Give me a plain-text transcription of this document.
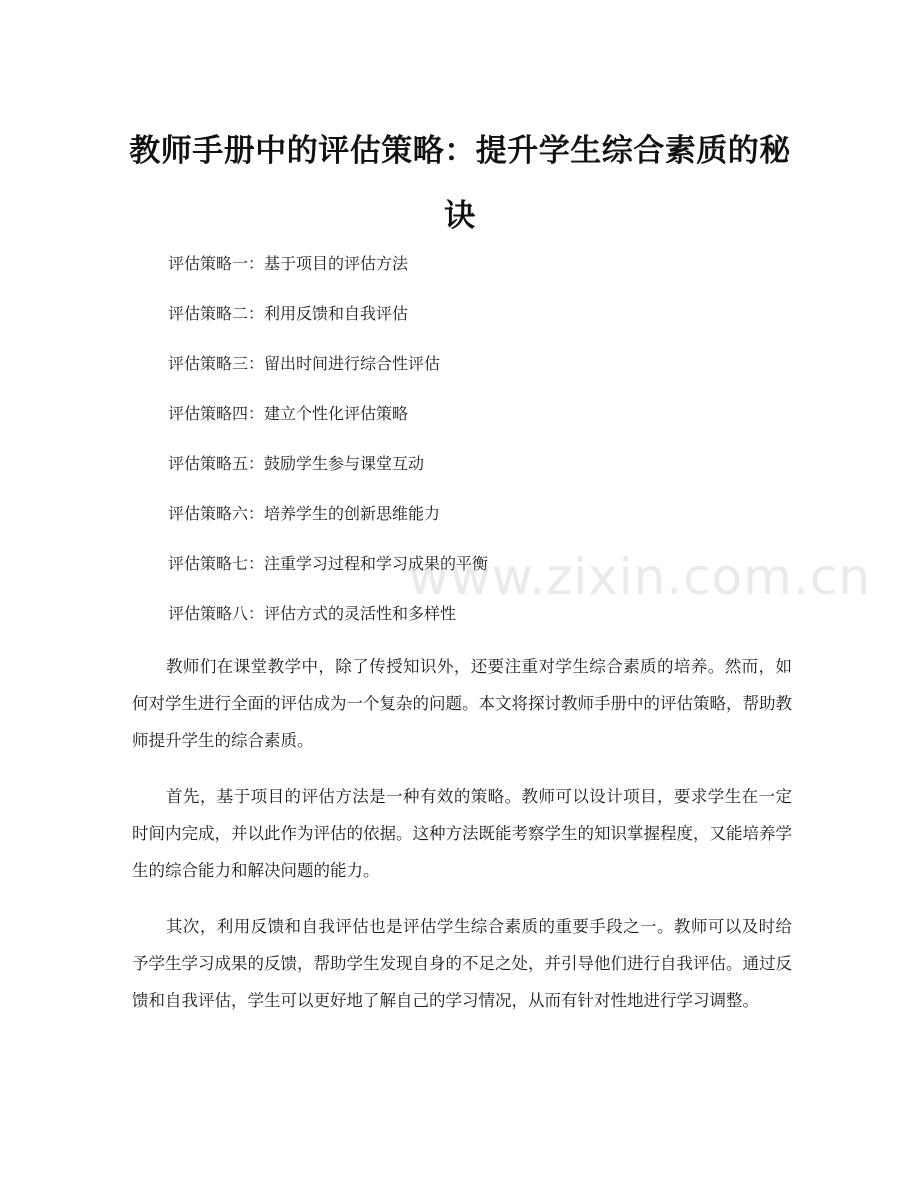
教师手册中的评估策略：提升学生综合素质的秘诀
评估策略一：基于项目的评估方法
评估策略二：利用反馈和自我评估
评估策略三：留出时间进行综合性评估
评估策略四：建立个性化评估策略
评估策略五：鼓励学生参与课堂互动
评估策略六：培养学生的创新思维能力
评估策略七：注重学习过程和学习成果的平衡
评估策略八：评估方式的灵活性和多样性

教师们在课堂教学中，除了传授知识外，还要注重对学生综合素质的培养。然而，如何对学生进行全面的评估成为一个复杂的问题。本文将探讨教师手册中的评估策略，帮助教师提升学生的综合素质。

首先，基于项目的评估方法是一种有效的策略。教师可以设计项目，要求学生在一定时间内完成，并以此作为评估的依据。这种方法既能考察学生的知识掌握程度，又能培养学生的综合能力和解决问题的能力。

其次，利用反馈和自我评估也是评估学生综合素质的重要手段之一。教师可以及时给予学生学习成果的反馈，帮助学生发现自身的不足之处，并引导他们进行自我评估。通过反馈和自我评估，学生可以更好地了解自己的学习情况，从而有针对性地进行学习调整。

www.zixin.com.cn
